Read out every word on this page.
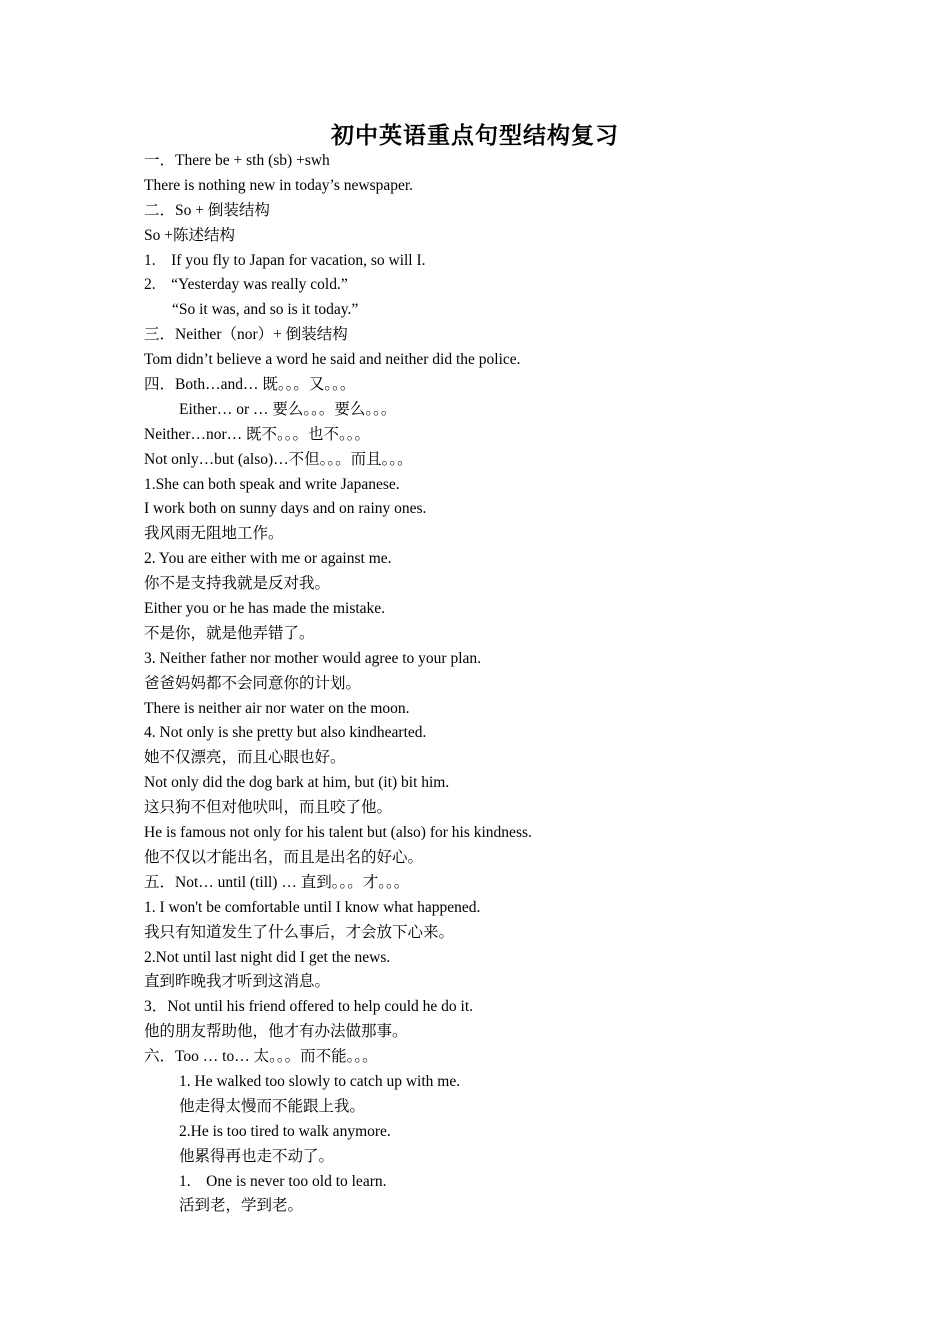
初中英语重点句型结构复习
一．There be + sth (sb) +swh
There is nothing new in today’s newspaper.
二．So + 倒装结构
So +陈述结构
1.    If you fly to Japan for vacation, so will I.
2.    “Yesterday was really cold.”
“So it was, and so is it today.”
三．Neither（nor）+ 倒装结构
Tom didn’t believe a word he said and neither did the police.
四．Both…and… 既。。。又。。。
Either… or … 要么。。。要么。。。
Neither…nor… 既不。。。也不。。。
Not only…but (also)…不但。。。而且。。。
1.She can both speak and write Japanese.
I work both on sunny days and on rainy ones.
我风雨无阻地工作。
2. You are either with me or against me.
你不是支持我就是反对我。
Either you or he has made the mistake.
不是你，就是他弄错了。
3. Neither father nor mother would agree to your plan.
爸爸妈妈都不会同意你的计划。
There is neither air nor water on the moon.
4. Not only is she pretty but also kindhearted.
她不仅漂亮，而且心眼也好。
Not only did the dog bark at him, but (it) bit him.
这只狗不但对他吠叫，而且咬了他。
He is famous not only for his talent but (also) for his kindness.
他不仅以才能出名，而且是出名的好心。
五．Not… until (till) … 直到。。。才。。。
1. I won't be comfortable until I know what happened.
我只有知道发生了什么事后，才会放下心来。
2.Not until last night did I get the news.
直到昨晚我才听到这消息。
3．Not until his friend offered to help could he do it.
他的朋友帮助他，他才有办法做那事。
六．Too … to… 太。。。而不能。。。
1. He walked too slowly to catch up with me.
他走得太慢而不能跟上我。
2.He is too tired to walk anymore.
他累得再也走不动了。
1.    One is never too old to learn.
活到老，学到老。
